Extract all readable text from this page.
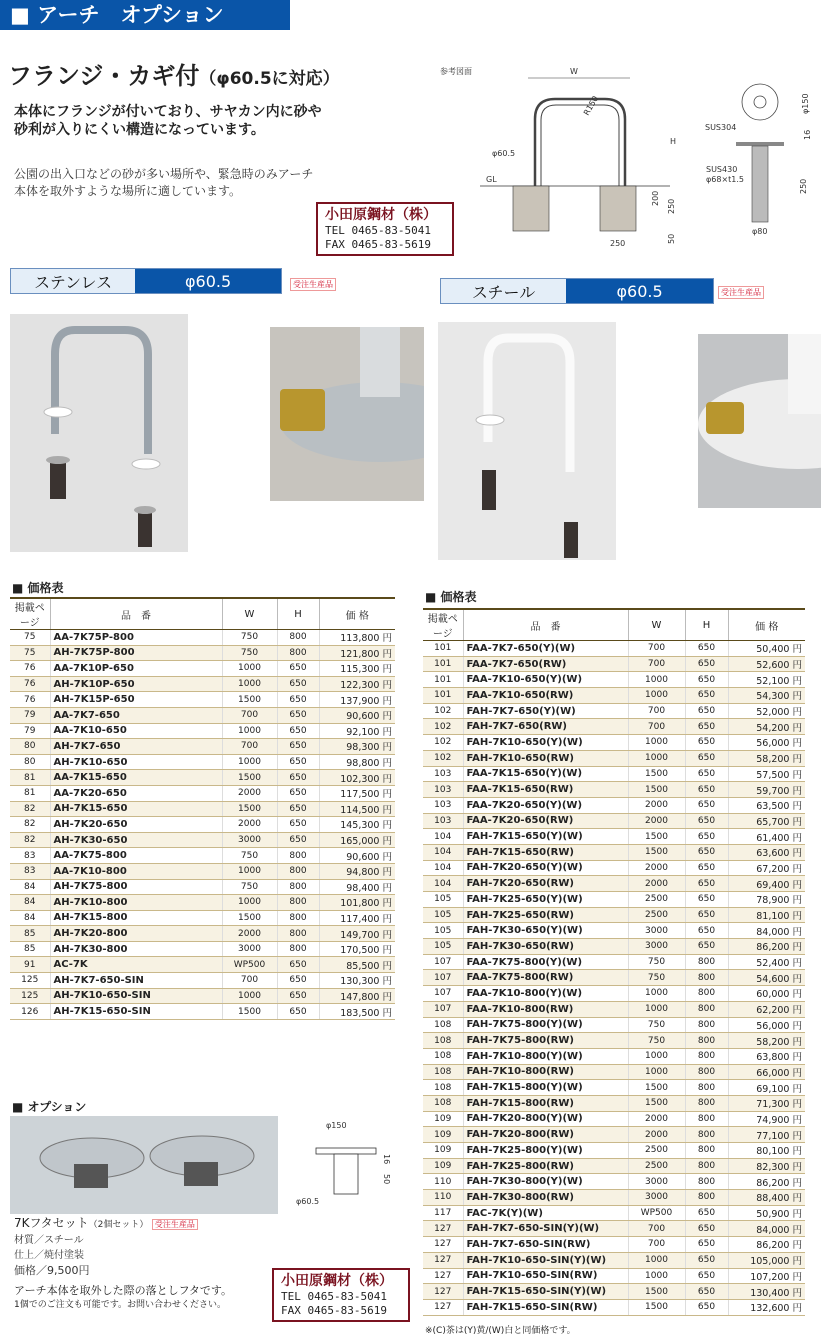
■ アーチ　オプション
フランジ・カギ付（φ60.5に対応）
本体にフランジが付いており、サヤカン内に砂や砂利が入りにくい構造になっています。
公園の出入口などの砂が多い場所や、緊急時のみアーチ本体を取外すような場所に適しています。
小田原鋼材（株）
TEL 0465-83-5041
FAX 0465-83-5619
参考図面	W
R150
φ60.5
GL
H
200
250
50
250
φ150
SUS304
16
SUS430
φ68×t1.5	250
φ80
ステンレス	φ60.5	受注生産品	スチール	φ60.5	受注生産品
■ 価格表
掲載ページ	品　番	W	H	価 格
75	AA-7K75P-800	750	800	113,800 円
75	AH-7K75P-800	750	800	121,800 円
76	AA-7K10P-650	1000	650	115,300 円
76	AH-7K10P-650	1000	650	122,300 円
76	AH-7K15P-650	1500	650	137,900 円
79	AA-7K7-650	700	650	90,600 円
79	AA-7K10-650	1000	650	92,100 円
80	AH-7K7-650	700	650	98,300 円
80	AH-7K10-650	1000	650	98,800 円
81	AA-7K15-650	1500	650	102,300 円
81	AA-7K20-650	2000	650	117,500 円
82	AH-7K15-650	1500	650	114,500 円
82	AH-7K20-650	2000	650	145,300 円
82	AH-7K30-650	3000	650	165,000 円
83	AA-7K75-800	750	800	90,600 円
83	AA-7K10-800	1000	800	94,800 円
84	AH-7K75-800	750	800	98,400 円
84	AH-7K10-800	1000	800	101,800 円
84	AH-7K15-800	1500	800	117,400 円
85	AH-7K20-800	2000	800	149,700 円
85	AH-7K30-800	3000	800	170,500 円
91	AC-7K	WP500	650	85,500 円
125	AH-7K7-650-SIN	700	650	130,300 円
125	AH-7K10-650-SIN	1000	650	147,800 円
126	AH-7K15-650-SIN	1500	650	183,500 円
■ 価格表
掲載ページ	品　番	W	H	価 格
101	FAA-7K7-650(Y)(W)	700	650	50,400 円
101	FAA-7K7-650(RW)	700	650	52,600 円
101	FAA-7K10-650(Y)(W)	1000	650	52,100 円
101	FAA-7K10-650(RW)	1000	650	54,300 円
102	FAH-7K7-650(Y)(W)	700	650	52,000 円
102	FAH-7K7-650(RW)	700	650	54,200 円
102	FAH-7K10-650(Y)(W)	1000	650	56,000 円
102	FAH-7K10-650(RW)	1000	650	58,200 円
103	FAA-7K15-650(Y)(W)	1500	650	57,500 円
103	FAA-7K15-650(RW)	1500	650	59,700 円
103	FAA-7K20-650(Y)(W)	2000	650	63,500 円
103	FAA-7K20-650(RW)	2000	650	65,700 円
104	FAH-7K15-650(Y)(W)	1500	650	61,400 円
104	FAH-7K15-650(RW)	1500	650	63,600 円
104	FAH-7K20-650(Y)(W)	2000	650	67,200 円
104	FAH-7K20-650(RW)	2000	650	69,400 円
105	FAH-7K25-650(Y)(W)	2500	650	78,900 円
105	FAH-7K25-650(RW)	2500	650	81,100 円
105	FAH-7K30-650(Y)(W)	3000	650	84,000 円
105	FAH-7K30-650(RW)	3000	650	86,200 円
107	FAA-7K75-800(Y)(W)	750	800	52,400 円
107	FAA-7K75-800(RW)	750	800	54,600 円
107	FAA-7K10-800(Y)(W)	1000	800	60,000 円
107	FAA-7K10-800(RW)	1000	800	62,200 円
108	FAH-7K75-800(Y)(W)	750	800	56,000 円
108	FAH-7K75-800(RW)	750	800	58,200 円
108	FAH-7K10-800(Y)(W)	1000	800	63,800 円
108	FAH-7K10-800(RW)	1000	800	66,000 円
108	FAH-7K15-800(Y)(W)	1500	800	69,100 円
108	FAH-7K15-800(RW)	1500	800	71,300 円
109	FAH-7K20-800(Y)(W)	2000	800	74,900 円
109	FAH-7K20-800(RW)	2000	800	77,100 円
109	FAH-7K25-800(Y)(W)	2500	800	80,100 円
109	FAH-7K25-800(RW)	2500	800	82,300 円
110	FAH-7K30-800(Y)(W)	3000	800	86,200 円
110	FAH-7K30-800(RW)	3000	800	88,400 円
117	FAC-7K(Y)(W)	WP500	650	50,900 円
127	FAH-7K7-650-SIN(Y)(W)	700	650	84,000 円
127	FAH-7K7-650-SIN(RW)	700	650	86,200 円
127	FAH-7K10-650-SIN(Y)(W)	1000	650	105,000 円
127	FAH-7K10-650-SIN(RW)	1000	650	107,200 円
127	FAH-7K15-650-SIN(Y)(W)	1500	650	130,400 円
127	FAH-7K15-650-SIN(RW)	1500	650	132,600 円
※(C)茶は(Y)黄/(W)白と同価格です。
■ オプション
φ150
16
50
φ60.5
7Kフタセット（2個セット） 受注生産品
材質／スチール
仕上／焼付塗装
価格／9,500円
アーチ本体を取外した際の落としフタです。
1個でのご注文も可能です。お問い合わせください。
小田原鋼材（株）
TEL 0465-83-5041
FAX 0465-83-5619
